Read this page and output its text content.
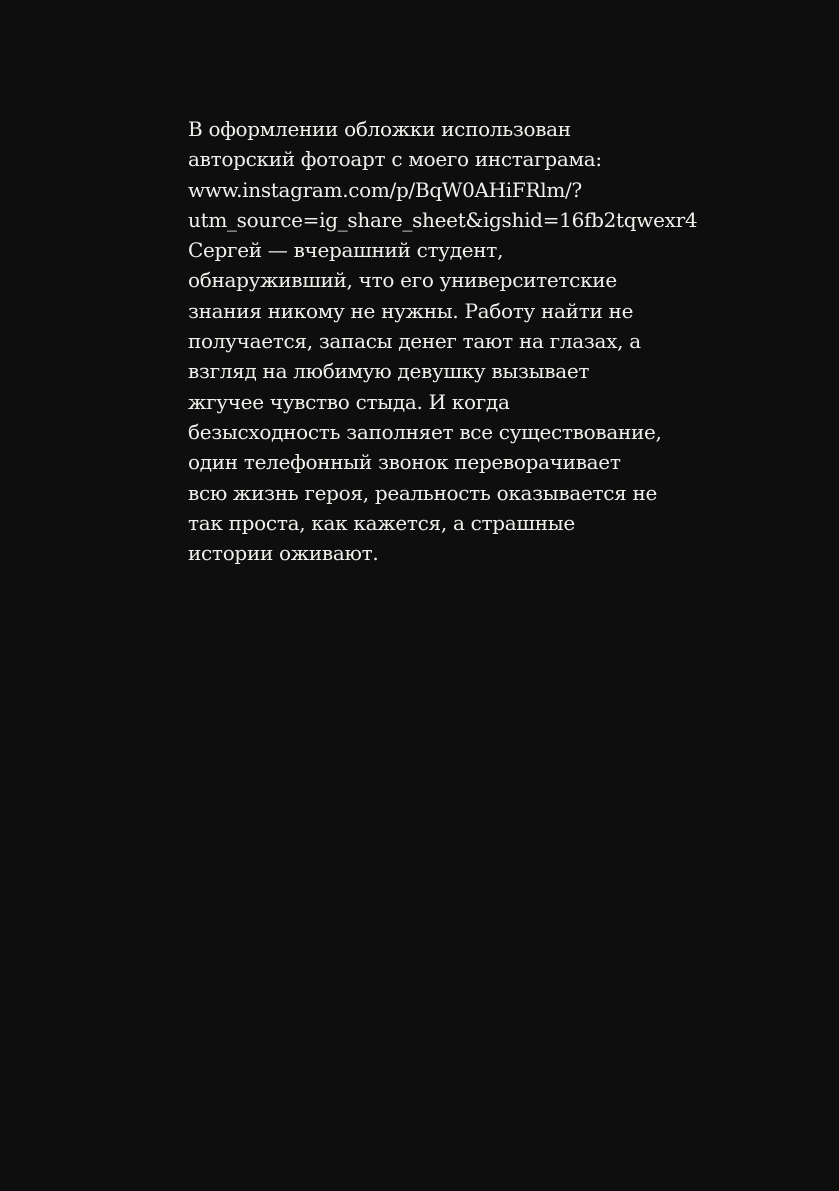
В оформлении обложки использован
авторский фотоарт с моего инстаграма:
www.instagram.com/p/BqW0AHiFRlm/?
utm_source=ig_share_sheet&igshid=16fb2tqwexr4
Сергей — вчерашний студент,
обнаруживший, что его университетские
знания никому не нужны. Работу найти не
получается, запасы денег тают на глазах, а
взгляд на любимую девушку вызывает
жгучее чувство стыда. И когда
безысходность заполняет все существование,
один телефонный звонок переворачивает
всю жизнь героя, реальность оказывается не
так проста, как кажется, а страшные
истории оживают.
